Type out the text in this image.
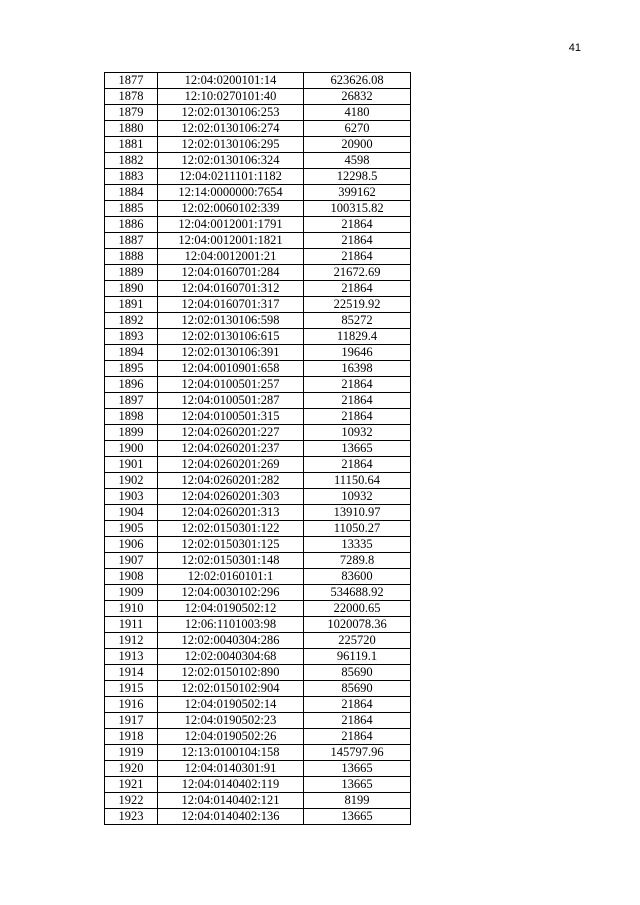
41
1877	12:04:0200101:14	623626.08
1878	12:10:0270101:40	26832
1879	12:02:0130106:253	4180
1880	12:02:0130106:274	6270
1881	12:02:0130106:295	20900
1882	12:02:0130106:324	4598
1883	12:04:0211101:1182	12298.5
1884	12:14:0000000:7654	399162
1885	12:02:0060102:339	100315.82
1886	12:04:0012001:1791	21864
1887	12:04:0012001:1821	21864
1888	12:04:0012001:21	21864
1889	12:04:0160701:284	21672.69
1890	12:04:0160701:312	21864
1891	12:04:0160701:317	22519.92
1892	12:02:0130106:598	85272
1893	12:02:0130106:615	11829.4
1894	12:02:0130106:391	19646
1895	12:04:0010901:658	16398
1896	12:04:0100501:257	21864
1897	12:04:0100501:287	21864
1898	12:04:0100501:315	21864
1899	12:04:0260201:227	10932
1900	12:04:0260201:237	13665
1901	12:04:0260201:269	21864
1902	12:04:0260201:282	11150.64
1903	12:04:0260201:303	10932
1904	12:04:0260201:313	13910.97
1905	12:02:0150301:122	11050.27
1906	12:02:0150301:125	13335
1907	12:02:0150301:148	7289.8
1908	12:02:0160101:1	83600
1909	12:04:0030102:296	534688.92
1910	12:04:0190502:12	22000.65
1911	12:06:1101003:98	1020078.36
1912	12:02:0040304:286	225720
1913	12:02:0040304:68	96119.1
1914	12:02:0150102:890	85690
1915	12:02:0150102:904	85690
1916	12:04:0190502:14	21864
1917	12:04:0190502:23	21864
1918	12:04:0190502:26	21864
1919	12:13:0100104:158	145797.96
1920	12:04:0140301:91	13665
1921	12:04:0140402:119	13665
1922	12:04:0140402:121	8199
1923	12:04:0140402:136	13665
